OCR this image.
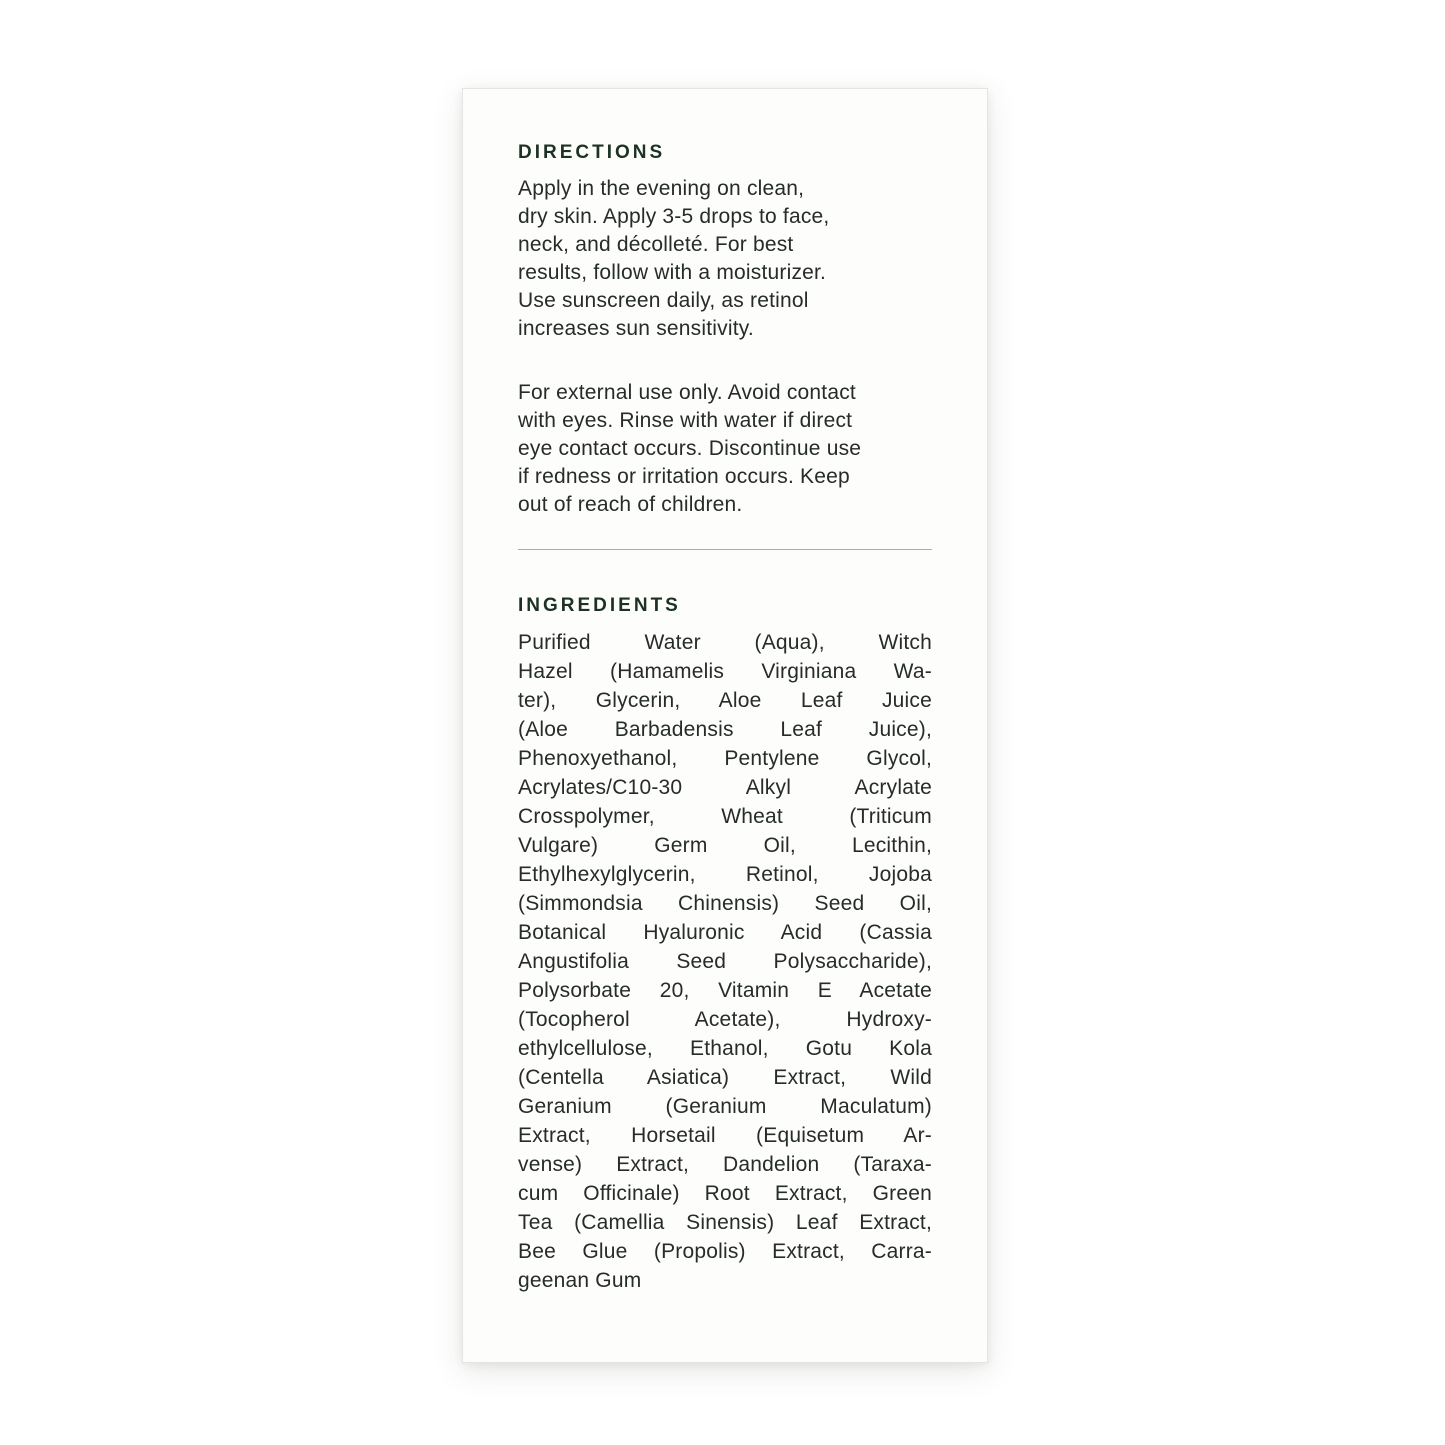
DIRECTIONS
Apply in the evening on clean,
dry skin. Apply 3-5 drops to face,
neck, and décolleté. For best
results, follow with a moisturizer.
Use sunscreen daily, as retinol
increases sun sensitivity.
For external use only. Avoid contact
with eyes. Rinse with water if direct
eye contact occurs. Discontinue use
if redness or irritation occurs. Keep
out of reach of children.
INGREDIENTS
Purified Water (Aqua), Witch
Hazel (Hamamelis Virginiana Wa-
ter), Glycerin, Aloe Leaf Juice
(Aloe Barbadensis Leaf Juice),
Phenoxyethanol, Pentylene Glycol,
Acrylates/C10-30 Alkyl Acrylate
Crosspolymer, Wheat (Triticum
Vulgare) Germ Oil, Lecithin,
Ethylhexylglycerin, Retinol, Jojoba
(Simmondsia Chinensis) Seed Oil,
Botanical Hyaluronic Acid (Cassia
Angustifolia Seed Polysaccharide),
Polysorbate 20, Vitamin E Acetate
(Tocopherol Acetate), Hydroxy-
ethylcellulose, Ethanol, Gotu Kola
(Centella Asiatica) Extract, Wild
Geranium (Geranium Maculatum)
Extract, Horsetail (Equisetum Ar-
vense) Extract, Dandelion (Taraxa-
cum Officinale) Root Extract, Green
Tea (Camellia Sinensis) Leaf Extract,
Bee Glue (Propolis) Extract, Carra-
geenan Gum
